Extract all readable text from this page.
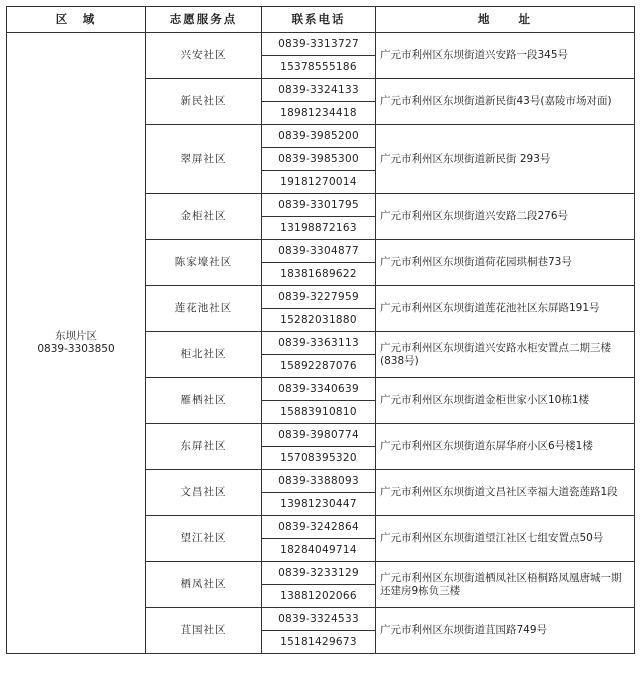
区　域	志愿服务点	联系电话	地　　址

东坝片区
0839-3303850	兴安社区	0839-3313727	广元市利州区东坝街道兴安路一段345号
		15378555186	
	新民社区	0839-3324133	广元市利州区东坝街道新民街43号(嘉陵市场对面)
		18981234418	
	翠屏社区	0839-3985200	广元市利州区东坝街道新民街 293号
		0839-3985300	
		19181270014	
	金柜社区	0839-3301795	广元市利州区东坝街道兴安路二段276号
		13198872163	
	陈家壕社区	0839-3304877	广元市利州区东坝街道荷花园珙桐巷73号
		18381689622	
	莲花池社区	0839-3227959	广元市利州区东坝街道莲花池社区东屏路191号
		15282031880	
	柜北社区	0839-3363113	广元市利州区东坝街道兴安路水柜安置点二期三楼(838号)
		15892287076	
	雁栖社区	0839-3340639	广元市利州区东坝街道金柜世家小区10栋1楼
		15883910810	
	东屏社区	0839-3980774	广元市利州区东坝街道东屏华府小区6号楼1楼
		15708395320	
	文昌社区	0839-3388093	广元市利州区东坝街道文昌社区幸福大道瓷莲路1段
		13981230447	
	望江社区	0839-3242864	广元市利州区东坝街道望江社区七组安置点50号
		18284049714	
	栖凤社区	0839-3233129	广元市利州区东坝街道栖凤社区梧桐路凤凰唐城一期还建房9栋负三楼
		13881202066	
	苴国社区	0839-3324533	广元市利州区东坝街道苴国路749号
		15181429673	
